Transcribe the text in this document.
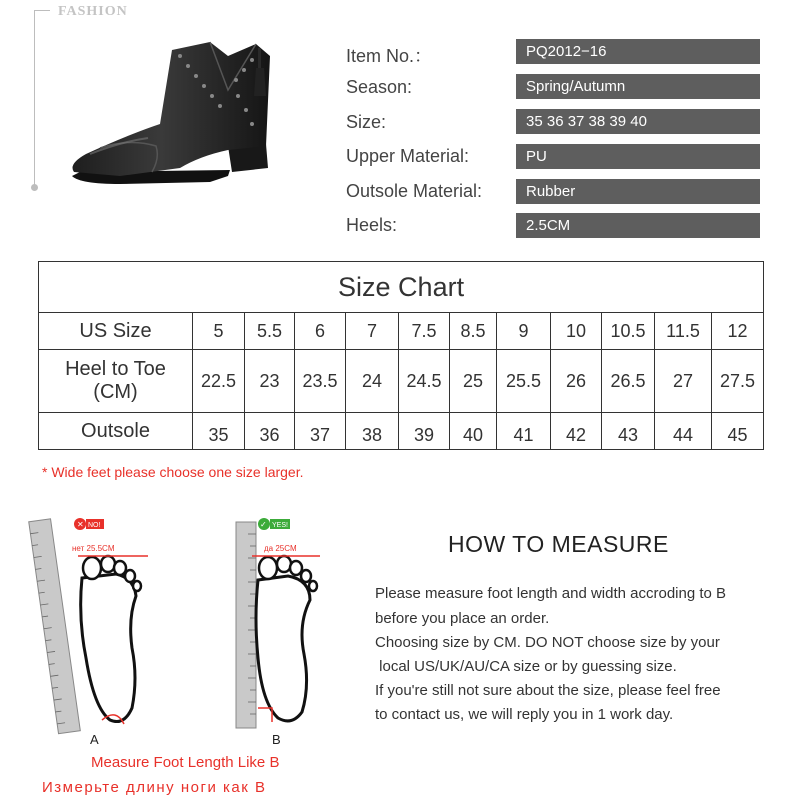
FASHION
Item No.：	PQ2012−16
Season:	Spring/Autumn
Size:	35 36 37 38 39 40
Upper Material:	PU
Outsole Material:	Rubber
Heels:	2.5CM
Size Chart											
US Size	5	5.5	6	7	7.5	8.5	9	10	10.5	11.5	12

Heel to Toe
(CM)	22.5	23	23.5	24	24.5	25	25.5	26	26.5	27	27.5
Outsole	35	36	37	38	39	40	41	42	43	44	45
* Wide feet please choose one size larger.
✕ NO!
нет 25.5CM
A
✓ YES!
да 25CM
B
Measure Foot Length Like B
Измерьте длину ноги как B
HOW TO MEASURE
Please measure foot length and width accroding to B
before you place an order.
Choosing size by CM. DO NOT choose size by your
local US/UK/AU/CA size or by guessing size.
If you're still not sure about the size, please feel free
to contact us, we will reply you in 1 work day.
